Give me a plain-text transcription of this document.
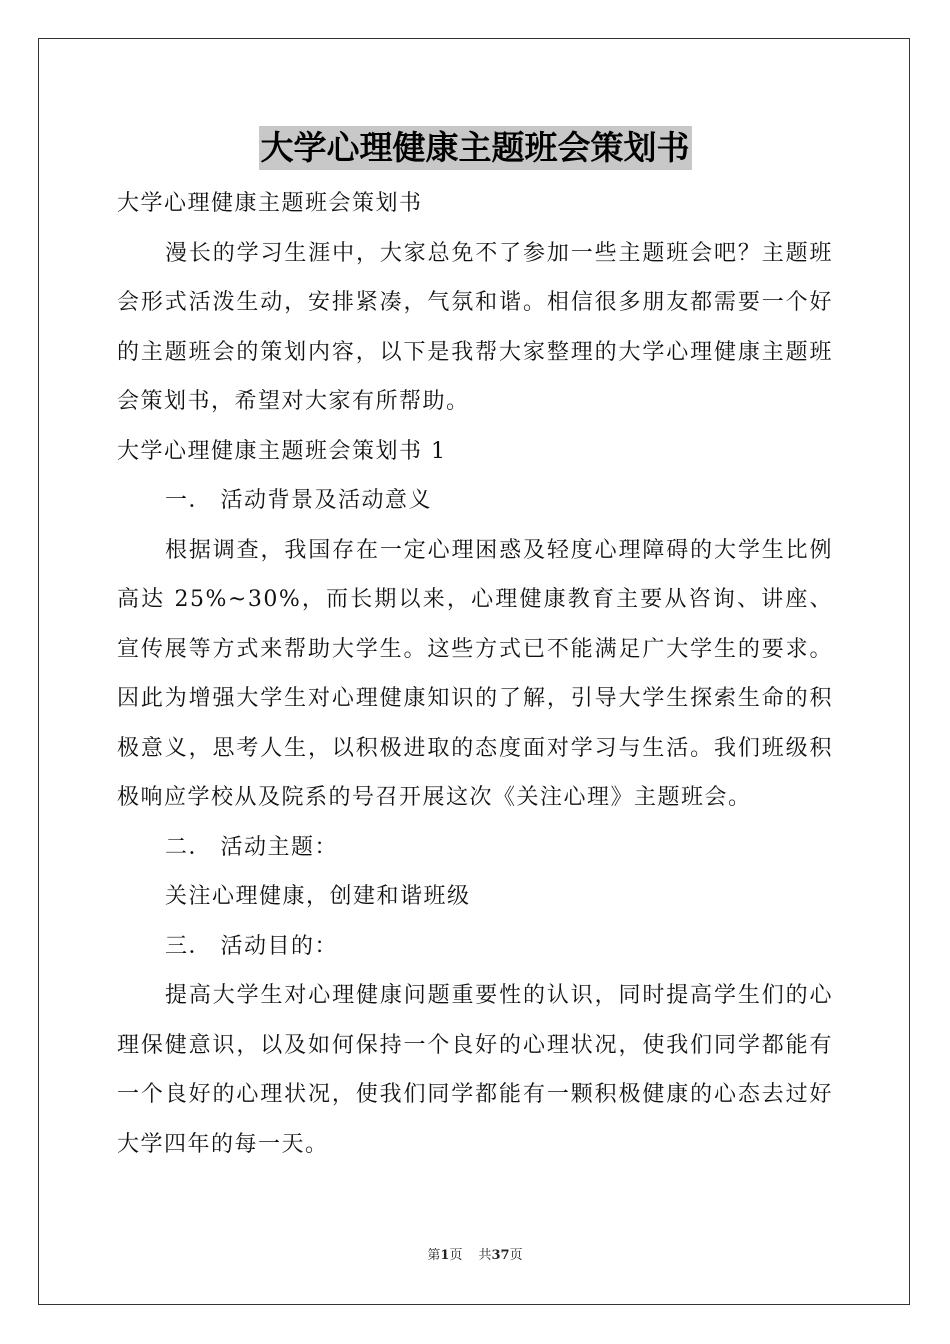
大学心理健康主题班会策划书

大学心理健康主题班会策划书

漫长的学习生涯中，大家总免不了参加一些主题班会吧？主题班会形式活泼生动，安排紧凑，气氛和谐。相信很多朋友都需要一个好的主题班会的策划内容，以下是我帮大家整理的大学心理健康主题班会策划书，希望对大家有所帮助。

大学心理健康主题班会策划书 1

一． 活动背景及活动意义

根据调查，我国存在一定心理困惑及轻度心理障碍的大学生比例高达 25%~30%，而长期以来，心理健康教育主要从咨询、讲座、宣传展等方式来帮助大学生。这些方式已不能满足广大学生的要求。因此为增强大学生对心理健康知识的了解，引导大学生探索生命的积极意义，思考人生，以积极进取的态度面对学习与生活。我们班级积极响应学校从及院系的号召开展这次《关注心理》主题班会。

二． 活动主题：

关注心理健康，创建和谐班级

三． 活动目的：

提高大学生对心理健康问题重要性的认识，同时提高学生们的心理保健意识，以及如何保持一个良好的心理状况，使我们同学都能有一个良好的心理状况，使我们同学都能有一颗积极健康的心态去过好大学四年的每一天。

第1页 共37页
